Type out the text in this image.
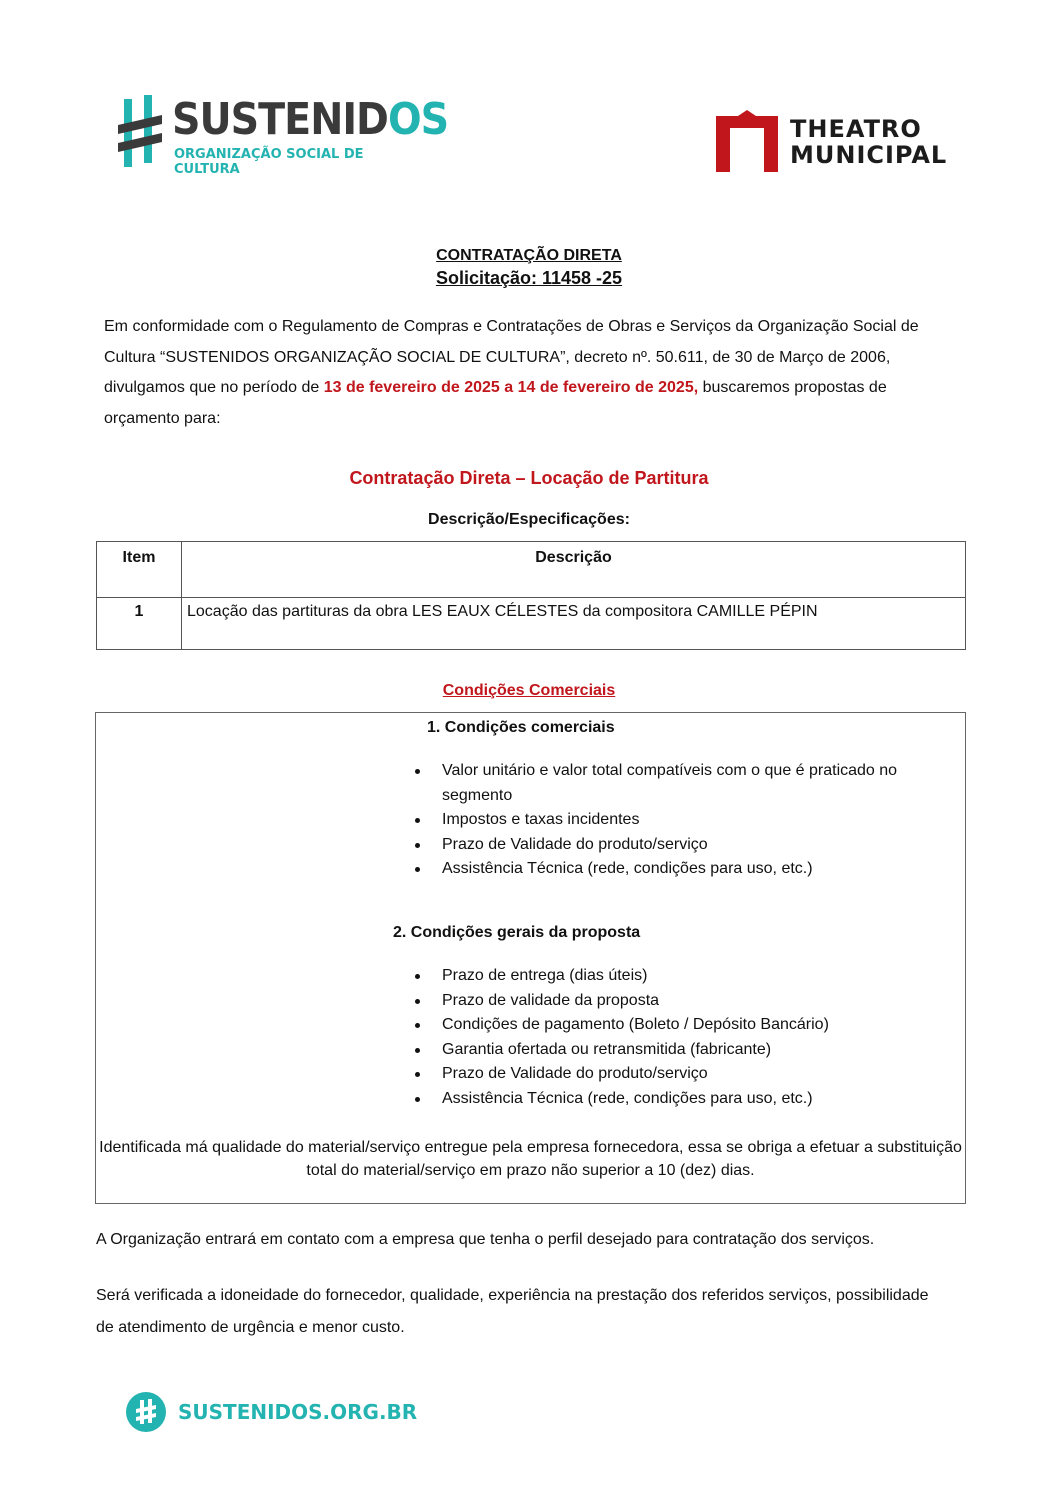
SUSTENIDOS
ORGANIZAÇÃO SOCIAL DE CULTURA
THEATRO
MUNICIPAL
CONTRATAÇÃO DIRETA
Solicitação: 11458 -25
Em conformidade com o Regulamento de Compras e Contratações de Obras e Serviços da Organização Social de Cultura “SUSTENIDOS ORGANIZAÇÃO SOCIAL DE CULTURA”, decreto nº. 50.611, de 30 de Março de 2006, divulgamos que no período de 13 de fevereiro de 2025 a 14 de fevereiro de 2025, buscaremos propostas de orçamento para:
Contratação Direta – Locação de Partitura
Descrição/Especificações:
Item	Descrição
1	Locação das partituras da obra LES EAUX CÉLESTES da compositora CAMILLE PÉPIN
Condições Comerciais
1. Condições comerciais
Valor unitário e valor total compatíveis com o que é praticado no segmento
Impostos e taxas incidentes
Prazo de Validade do produto/serviço
Assistência Técnica (rede, condições para uso, etc.)
2. Condições gerais da proposta
Prazo de entrega (dias úteis)
Prazo de validade da proposta
Condições de pagamento (Boleto / Depósito Bancário)
Garantia ofertada ou retransmitida (fabricante)
Prazo de Validade do produto/serviço
Assistência Técnica (rede, condições para uso, etc.)
Identificada má qualidade do material/serviço entregue pela empresa fornecedora, essa se obriga a efetuar a substituição total do material/serviço em prazo não superior a 10 (dez) dias.
A Organização entrará em contato com a empresa que tenha o perfil desejado para contratação dos serviços.
Será verificada a idoneidade do fornecedor, qualidade, experiência na prestação dos referidos serviços, possibilidade de atendimento de urgência e menor custo.
SUSTENIDOS.ORG.BR
